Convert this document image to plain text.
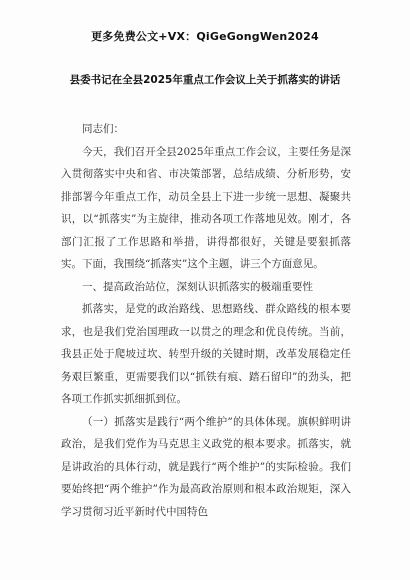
更多免费公文+VX：QiGeGongWen2024
县委书记在全县2025年重点工作会议上关于抓落实的讲话

同志们：

今天，我们召开全县2025年重点工作会议，主要任务是深入贯彻落实中央和省、市决策部署，总结成绩、分析形势，安排部署今年重点工作，动员全县上下进一步统一思想、凝聚共识，以“抓落实”为主旋律，推动各项工作落地见效。刚才，各部门汇报了工作思路和举措，讲得都很好，关键是要狠抓落实。下面，我围绕“抓落实”这个主题，讲三个方面意见。

一、提高政治站位，深刻认识抓落实的极端重要性

抓落实，是党的政治路线、思想路线、群众路线的根本要求，也是我们党治国理政一以贯之的理念和优良传统。当前，我县正处于爬坡过坎、转型升级的关键时期，改革发展稳定任务艰巨繁重，更需要我们以“抓铁有痕、踏石留印”的劲头，把各项工作抓实抓细抓到位。

（一）抓落实是践行“两个维护”的具体体现。旗帜鲜明讲政治，是我们党作为马克思主义政党的根本要求。抓落实，就是讲政治的具体行动，就是践行“两个维护”的实际检验。我们要始终把“两个维护”作为最高政治原则和根本政治规矩，深入学习贯彻习近平新时代中国特色
